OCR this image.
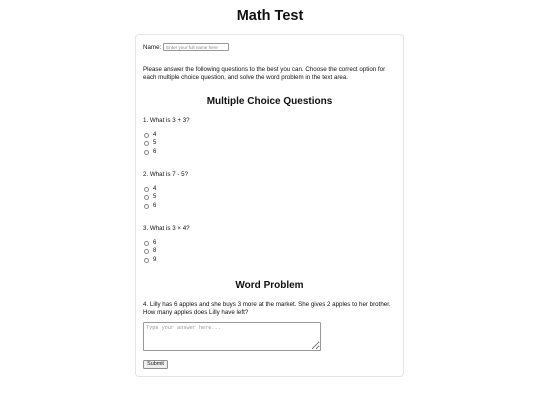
Math Test
Name:
Enter your full name here
Please answer the following questions to the best you can. Choose the correct option for each multiple choice question, and solve the word problem in the text area.
Multiple Choice Questions
1. What is 3 + 3?
4
5
6
2. What is 7 - 5?
4
5
6
3. What is 3 × 4?
6
8
9
Word Problem
4. Lilly has 6 apples and she buys 3 more at the market. She gives 2 apples to her brother. How many apples does Lilly have left?
Type your answer here...
Submit
